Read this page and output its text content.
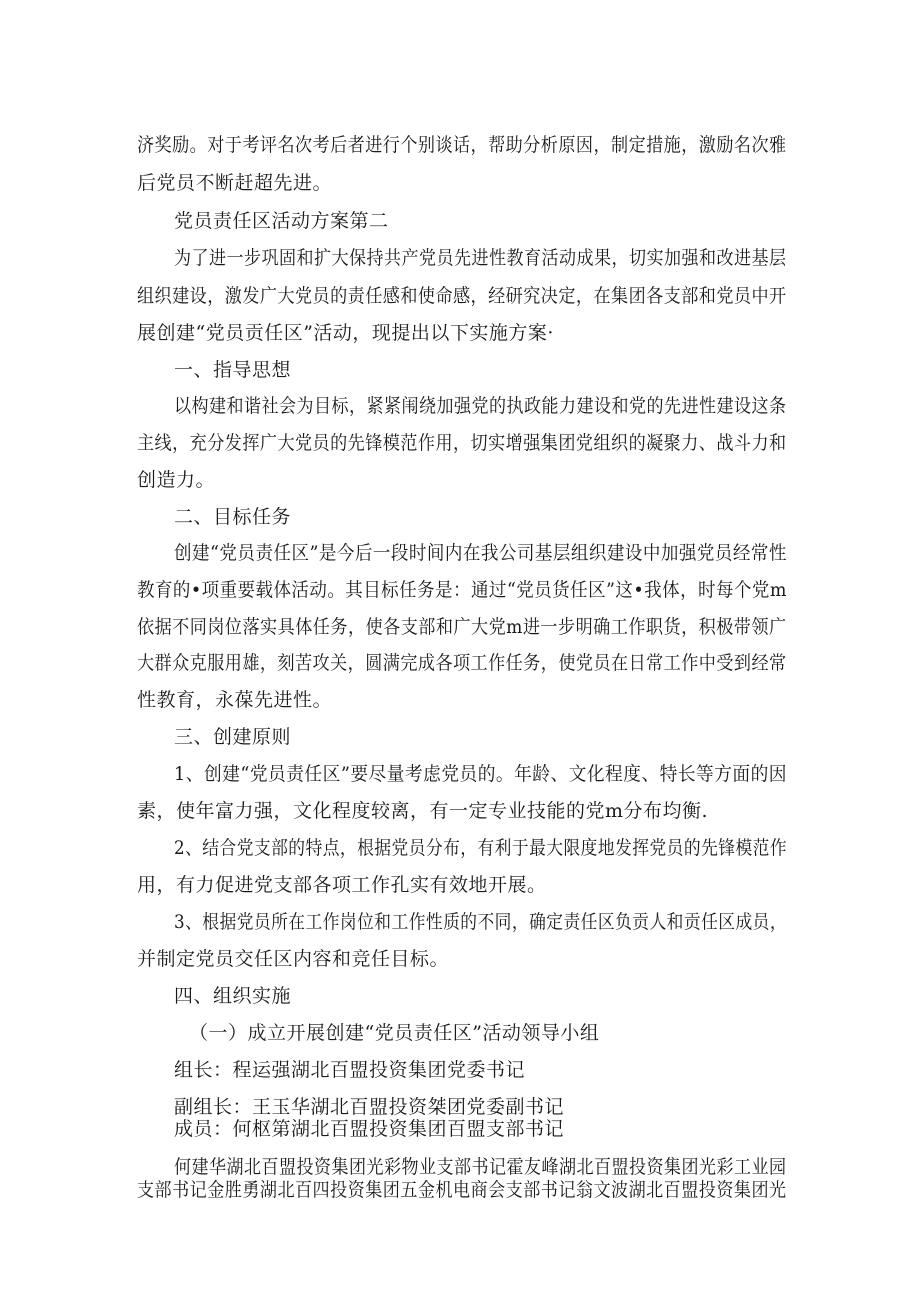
济奖励。对于考评名次考后者进行个别谈话，帮助分析原因，制定措施，激励名次雅
后党员不断赶超先进。
党员责任区活动方案第二
为了进一步巩固和扩大保持共产党员先进性教育活动成果，切实加强和改进基层
组织建设，激发广大党员的责任感和使命感，经研究决定，在集团各支部和党员中开
展创建“党员贡任区”活动，现提出以下实施方案·
一、指导思想
以构建和谐社会为目标，紧紧闱绕加强党的执政能力建设和党的先进性建设这条
主线，充分发挥广大党员的先锋模范作用，切实增强集团党组织的凝聚力、战斗力和
创造力。
二、目标任务
创建“党员责任区”是今后一段时间内在我公司基层组织建设中加强党员经常性
教育的•项重要载体活动。其目标任务是：通过“党员货任区”这•我体，时每个党m
依据不同岗位落实具体任务，使各支部和广大党m进一步明确工作职货，积极带领广
大群众克服用雄，刻苦攻关，圆满完成各项工作任务，使党员在日常工作中受到经常
性教育，永葆先进性。
三、创建原则
1、创建“党员责任区”要尽量考虑党员的。年龄、文化程度、特长等方面的因
素，使年富力强，文化程度较离，有一定专业技能的党m分布均衡.
2、结合党支部的特点，根据党员分布，有利于最大限度地发挥党员的先锋模范作
用，有力促进党支部各项工作孔实有效地开展。
3、根据党员所在工作岗位和工作性质的不同，确定责任区负贡人和贡任区成员，
并制定党员交任区内容和竞任目标。
四、组织实施
（一）成立开展创建“党员责任区”活动领导小组
组长：程运强湖北百盟投资集团党委书记
副组长：王玉华湖北百盟投资桀团党委副书记
成员：何枢第湖北百盟投资集团百盟支部书记
何建华湖北百盟投资集团光彩物业支部书记霍友峰湖北百盟投资集团光彩工业园
支部书记金胜勇湖北百四投资集团五金机电商会支部书记翁文波湖北百盟投资集团光
